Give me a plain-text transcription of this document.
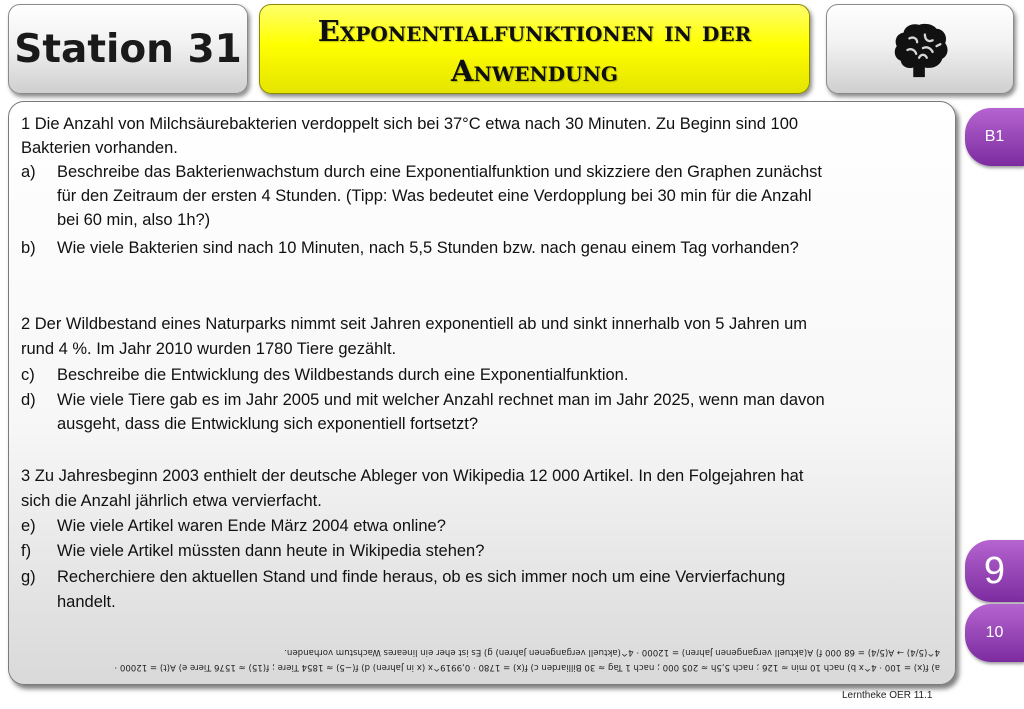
Station 31	Exponentialfunktionen in der
Anwendung
1 Die Anzahl von Milchsäurebakterien verdoppelt sich bei 37°C etwa nach 30 Minuten. Zu Beginn sind 100
Bakterien vorhanden.
a) Beschreibe das Bakterienwachstum durch eine Exponentialfunktion und skizziere den Graphen zunächst
für den Zeitraum der ersten 4 Stunden. (Tipp: Was bedeutet eine Verdopplung bei 30 min für die Anzahl
bei 60 min, also 1h?)
b) Wie viele Bakterien sind nach 10 Minuten, nach 5,5 Stunden bzw. nach genau einem Tag vorhanden?
2 Der Wildbestand eines Naturparks nimmt seit Jahren exponentiell ab und sinkt innerhalb von 5 Jahren um
rund 4 %. Im Jahr 2010 wurden 1780 Tiere gezählt.
c) Beschreibe die Entwicklung des Wildbestands durch eine Exponentialfunktion.
d) Wie viele Tiere gab es im Jahr 2005 und mit welcher Anzahl rechnet man im Jahr 2025, wenn man davon
ausgeht, dass die Entwicklung sich exponentiell fortsetzt?
3 Zu Jahresbeginn 2003 enthielt der deutsche Ableger von Wikipedia 12 000 Artikel. In den Folgejahren hat
sich die Anzahl jährlich etwa vervierfacht.
e) Wie viele Artikel waren Ende März 2004 etwa online?
f) Wie viele Artikel müssten dann heute in Wikipedia stehen?
g) Recherchiere den aktuellen Stand und finde heraus, ob es sich immer noch um eine Vervierfachung
handelt.
a) f(x) = 100 · 4^x b) nach 10 min ≈ 126 ; nach 5,5h ≈ 205 000 ; nach 1 Tag ≈ 30 Billiarden c) f(x) = 1780 · 0,9919^x (x in Jahren) d) f(−5) ≈ 1854 Tiere ; f(15) ≈ 1576 Tiere e) A(t) = 12000 ·
4^(5/4) → A(5/4) = 68 000 f) A(aktuell vergangenen Jahren) = 12000 · 4^(aktuell vergangenen Jahren) g) Es ist eher ein lineares Wachstum vorhanden.
B1
9
10
Lerntheke OER 11.1
